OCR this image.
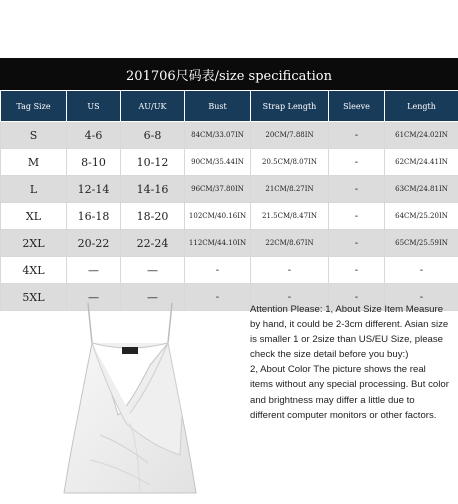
201706尺码表/size specification
Tag Size	US	AU/UK	Bust	Strap Length	Sleeve	Length
S	4-6	6-8	84CM/33.07IN	20CM/7.88IN	-	61CM/24.02IN
M	8-10	10-12	90CM/35.44IN	20.5CM/8.07IN	-	62CM/24.41IN
L	12-14	14-16	96CM/37.80IN	21CM/8.27IN	-	63CM/24.81IN
XL	16-18	18-20	102CM/40.16IN	21.5CM/8.47IN	-	64CM/25.20IN
2XL	20-22	22-24	112CM/44.10IN	22CM/8.67IN	-	65CM/25.59IN
4XL	—	—	-	-	-	-
5XL	—	—	-	-	-	-

Attention Please: 1, About Size Item Measure by hand, it could be 2-3cm different. Asian size is smaller 1 or 2size than US/EU Size, please check the size detail before you buy:)

2, About Color The picture shows the real items without any special processing. But color and brightness may differ a little due to different computer monitors or other factors.
